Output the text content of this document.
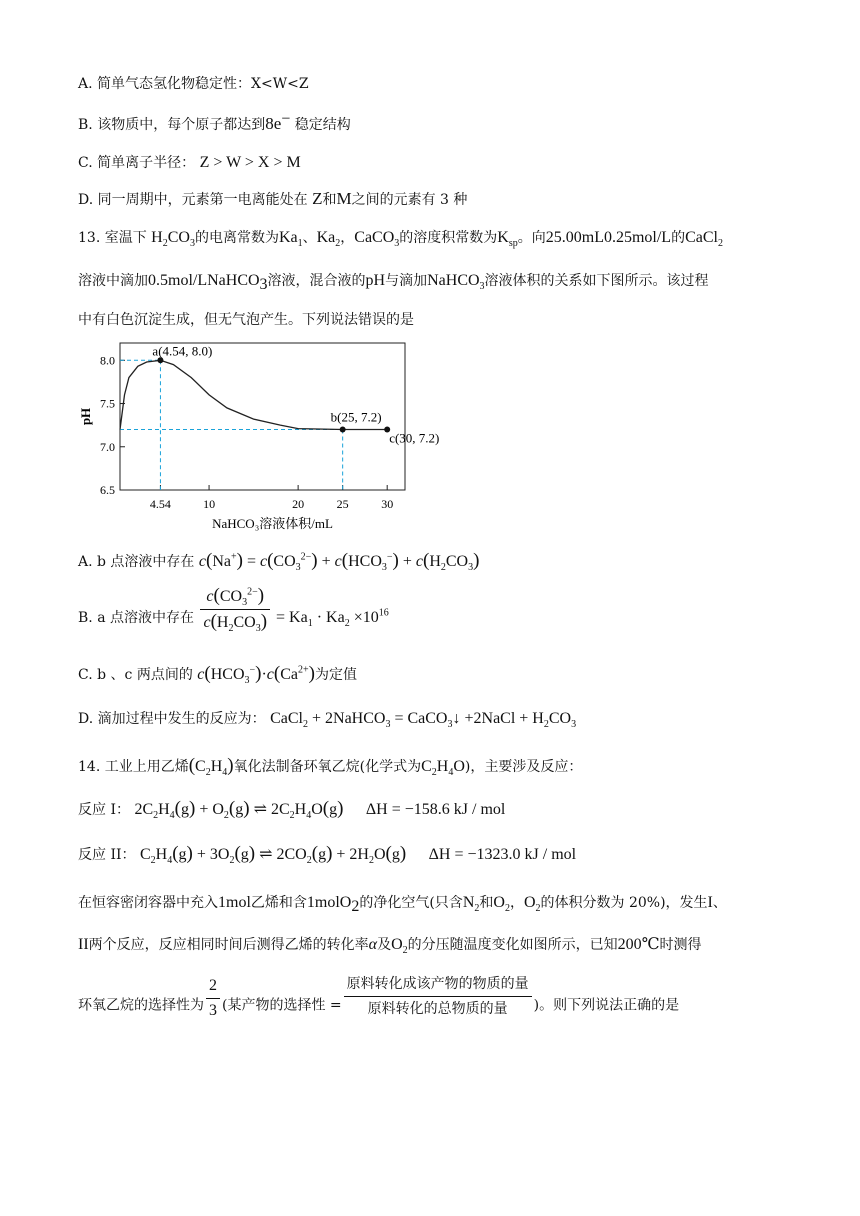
A. 简单气态氢化物稳定性：X<W<Z
B. 该物质中，每个原子都达到8e− 稳定结构
C. 简单离子半径： Z > W > X > M
D. 同一周期中，元素第一电离能处在 Z和M之间的元素有 3 种
13. 室温下 $H_2CO_3$的电离常数为$Ka_1$、$Ka_2$，CaCO$_3$的溶度积常数为$K_{sp}$。向25.00mL0.25mol/L的CaCl$_2$
溶液中滴加0.5mol/LNaHCO$_3$溶液，混合液的pH与滴加NaHCO$_3$溶液体积的关系如下图所示。该过程
中有白色沉淀生成，但无气泡产生。下列说法错误的是
8.0
7.5
7.0
6.5
4.54	10	20	25	30
pH
NaHCO₃溶液体积/mL
a(4.54, 8.0)
b(25, 7.2)
c(30, 7.2)
A. b 点溶液中存在 $c(Na^+) = c(CO_3^{2-}) + c(HCO_3^-) + c(H_2CO_3)$
B. a 点溶液中存在 $\frac{c(CO_3^{2-})}{c(H_2CO_3)} = Ka_1 \cdot Ka_2 \times 10^{16}$
C. b 、c 两点间的 $c(HCO_3^-)\cdot c(Ca^{2+})$为定值
D. 滴加过程中发生的反应为： CaCl$_2$ + 2NaHCO$_3$ = CaCO$_3$↓ +2NaCl + $H_2CO_3$
14. 工业上用乙烯$(C_2H_4)$氧化法制备环氧乙烷(化学式为$C_2H_4O$)，主要涉及反应：
反应 I： $2C_2H_4(g) + O_2(g)$ ⇌ $2C_2H_4O(g) \Delta H = -158.6$ kJ / mol
反应 II： $C_2H_4(g) + 3O_2(g)$ ⇌ $2CO_2(g) + 2H_2O(g) \Delta H = -1323.0$ kJ / mol
在恒容密闭容器中充入1mol乙烯和含1molO$_2$的净化空气(只含$N_2$和$O_2$，$O_2$的体积分数为 20%)，发生I、
II两个反应，反应相同时间后测得乙烯的转化率α及$O_2$的分压随温度变化如图所示，已知200℃时测得
环氧乙烷的选择性为 $\frac{2}{3}$ (某产物的选择性 = $\frac{\text{原料转化成该产物的物质的量}}{\text{原料转化的总物质的量}}$ )。则下列说法正确的是
